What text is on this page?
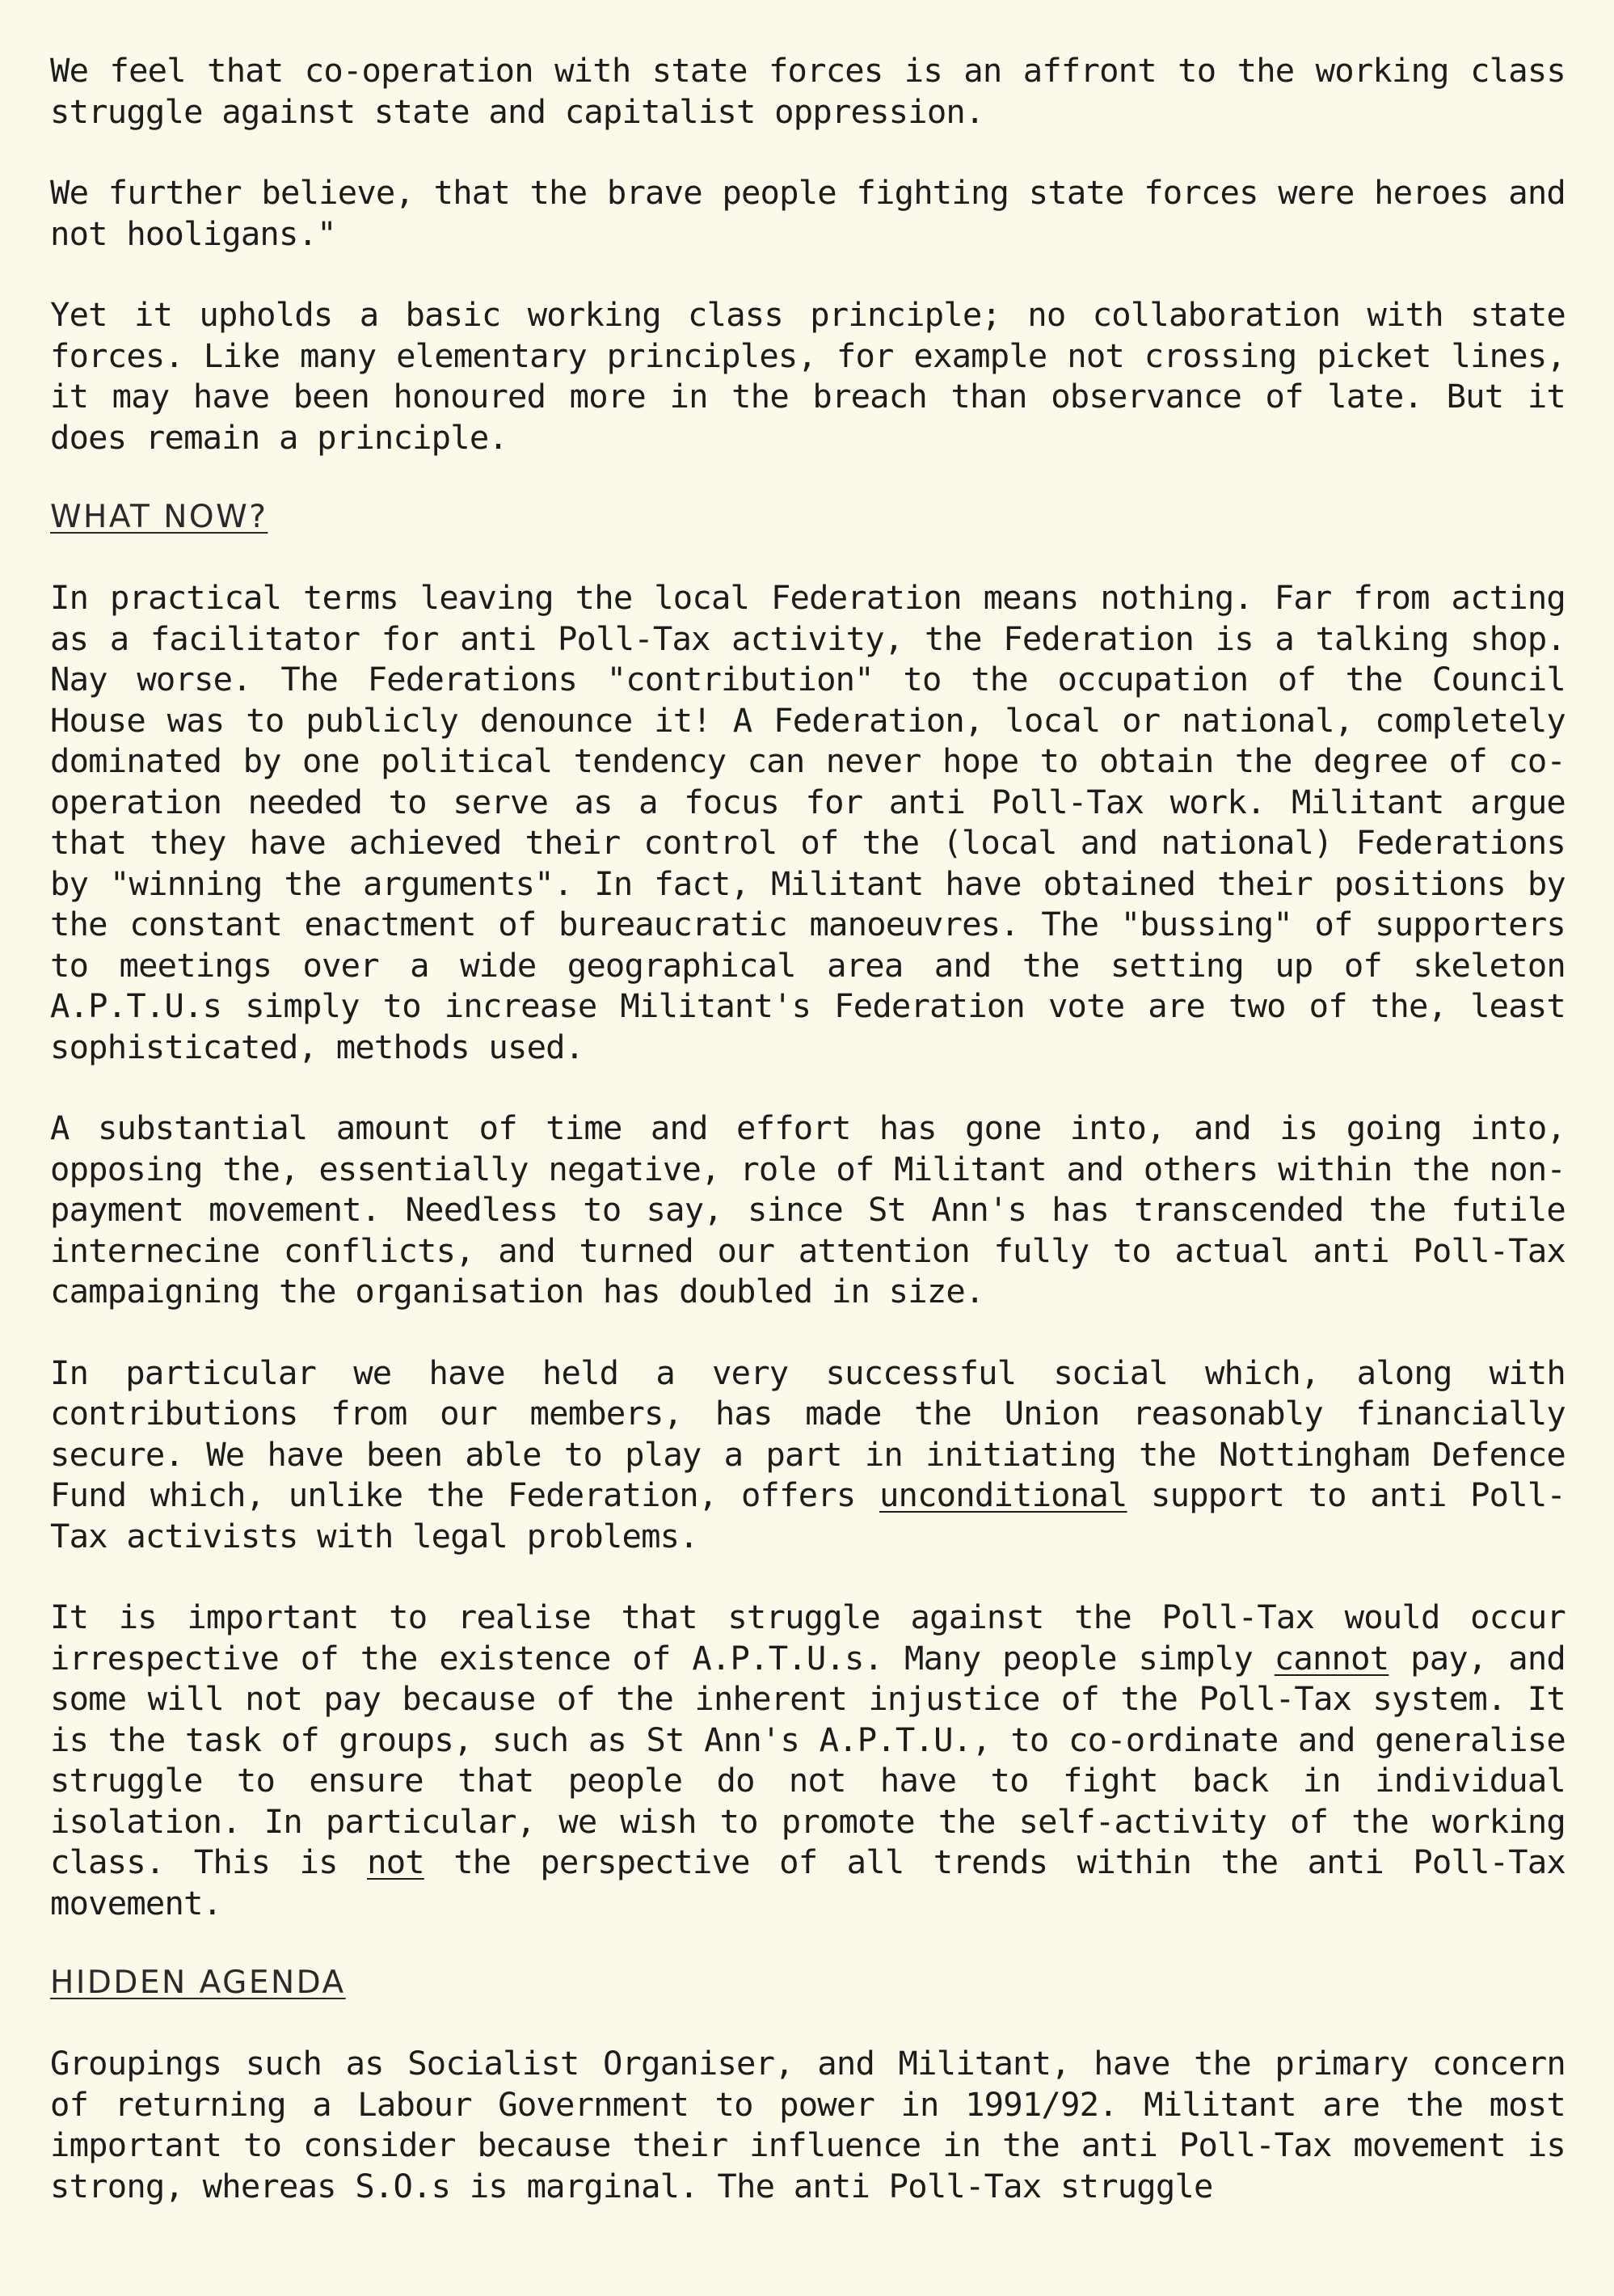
We feel that co-operation with state forces is an affront to the working class struggle against state and capitalist oppression.

We further believe, that the brave people fighting state forces were heroes and not hooligans."

Yet it upholds a basic working class principle; no collaboration with state forces. Like many elementary principles, for example not crossing picket lines, it may have been honoured more in the breach than observance of late. But it does remain a principle.

WHAT NOW?

In practical terms leaving the local Federation means nothing. Far from acting as a facilitator for anti Poll-Tax activity, the Federation is a talking shop. Nay worse. The Federations "contribution" to the occupation of the Council House was to publicly denounce it! A Federation, local or national, completely dominated by one political tendency can never hope to obtain the degree of co-operation needed to serve as a focus for anti Poll-Tax work. Militant argue that they have achieved their control of the (local and national) Federations by "winning the arguments". In fact, Militant have obtained their positions by the constant enactment of bureaucratic manoeuvres. The "bussing" of supporters to meetings over a wide geographical area and the setting up of skeleton A.P.T.U.s simply to increase Militant's Federation vote are two of the, least sophisticated, methods used.

A substantial amount of time and effort has gone into, and is going into, opposing the, essentially negative, role of Militant and others within the non-payment movement. Needless to say, since St Ann's has transcended the futile internecine conflicts, and turned our attention fully to actual anti Poll-Tax campaigning the organisation has doubled in size.

In particular we have held a very successful social which, along with contributions from our members, has made the Union reasonably financially secure. We have been able to play a part in initiating the Nottingham Defence Fund which, unlike the Federation, offers unconditional support to anti Poll-Tax activists with legal problems.

It is important to realise that struggle against the Poll-Tax would occur irrespective of the existence of A.P.T.U.s. Many people simply cannot pay, and some will not pay because of the inherent injustice of the Poll-Tax system. It is the task of groups, such as St Ann's A.P.T.U., to co-ordinate and generalise struggle to ensure that people do not have to fight back in individual isolation. In particular, we wish to promote the self-activity of the working class. This is not the perspective of all trends within the anti Poll-Tax movement.

HIDDEN AGENDA

Groupings such as Socialist Organiser, and Militant, have the primary concern of returning a Labour Government to power in 1991/92. Militant are the most important to consider because their influence in the anti Poll-Tax movement is strong, whereas S.O.s is marginal. The anti Poll-Tax struggle
